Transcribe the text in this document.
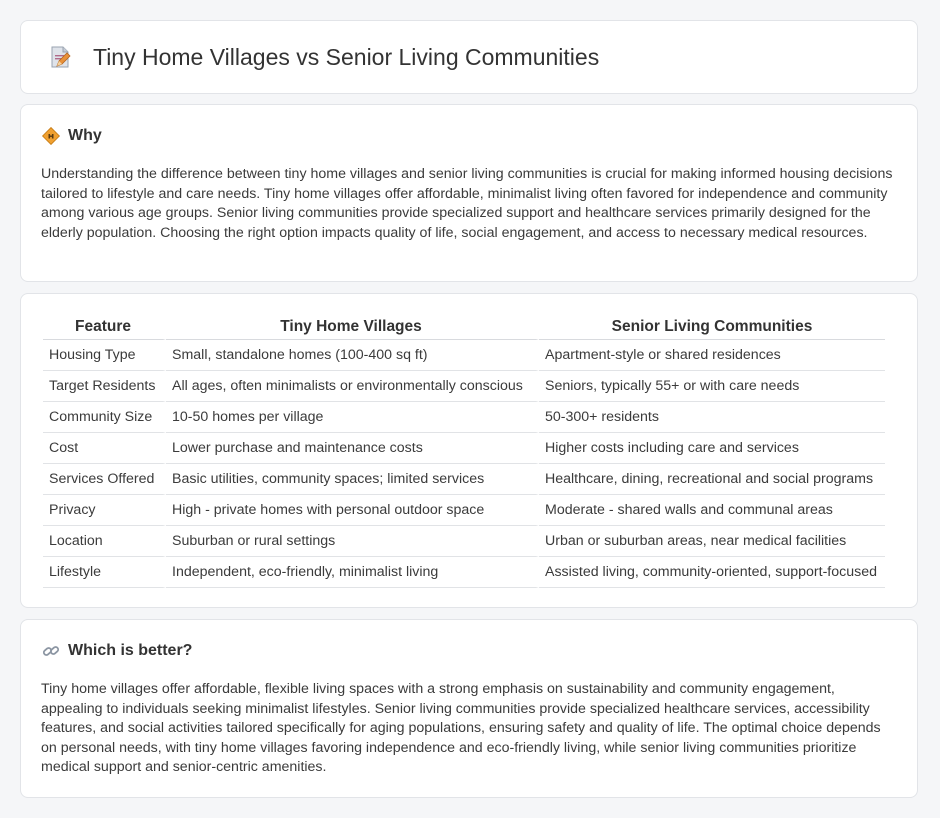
Tiny Home Villages vs Senior Living Communities
Why
Understanding the difference between tiny home villages and senior living communities is crucial for making informed housing decisions tailored to lifestyle and care needs. Tiny home villages offer affordable, minimalist living often favored for independence and community among various age groups. Senior living communities provide specialized support and healthcare services primarily designed for the elderly population. Choosing the right option impacts quality of life, social engagement, and access to necessary medical resources.
Feature	Tiny Home Villages	Senior Living Communities
Housing Type	Small, standalone homes (100-400 sq ft)	Apartment-style or shared residences
Target Residents	All ages, often minimalists or environmentally conscious	Seniors, typically 55+ or with care needs
Community Size	10-50 homes per village	50-300+ residents
Cost	Lower purchase and maintenance costs	Higher costs including care and services
Services Offered	Basic utilities, community spaces; limited services	Healthcare, dining, recreational and social programs
Privacy	High - private homes with personal outdoor space	Moderate - shared walls and communal areas
Location	Suburban or rural settings	Urban or suburban areas, near medical facilities
Lifestyle	Independent, eco-friendly, minimalist living	Assisted living, community-oriented, support-focused
Which is better?
Tiny home villages offer affordable, flexible living spaces with a strong emphasis on sustainability and community engagement, appealing to individuals seeking minimalist lifestyles. Senior living communities provide specialized healthcare services, accessibility features, and social activities tailored specifically for aging populations, ensuring safety and quality of life. The optimal choice depends on personal needs, with tiny home villages favoring independence and eco-friendly living, while senior living communities prioritize medical support and senior-centric amenities.
